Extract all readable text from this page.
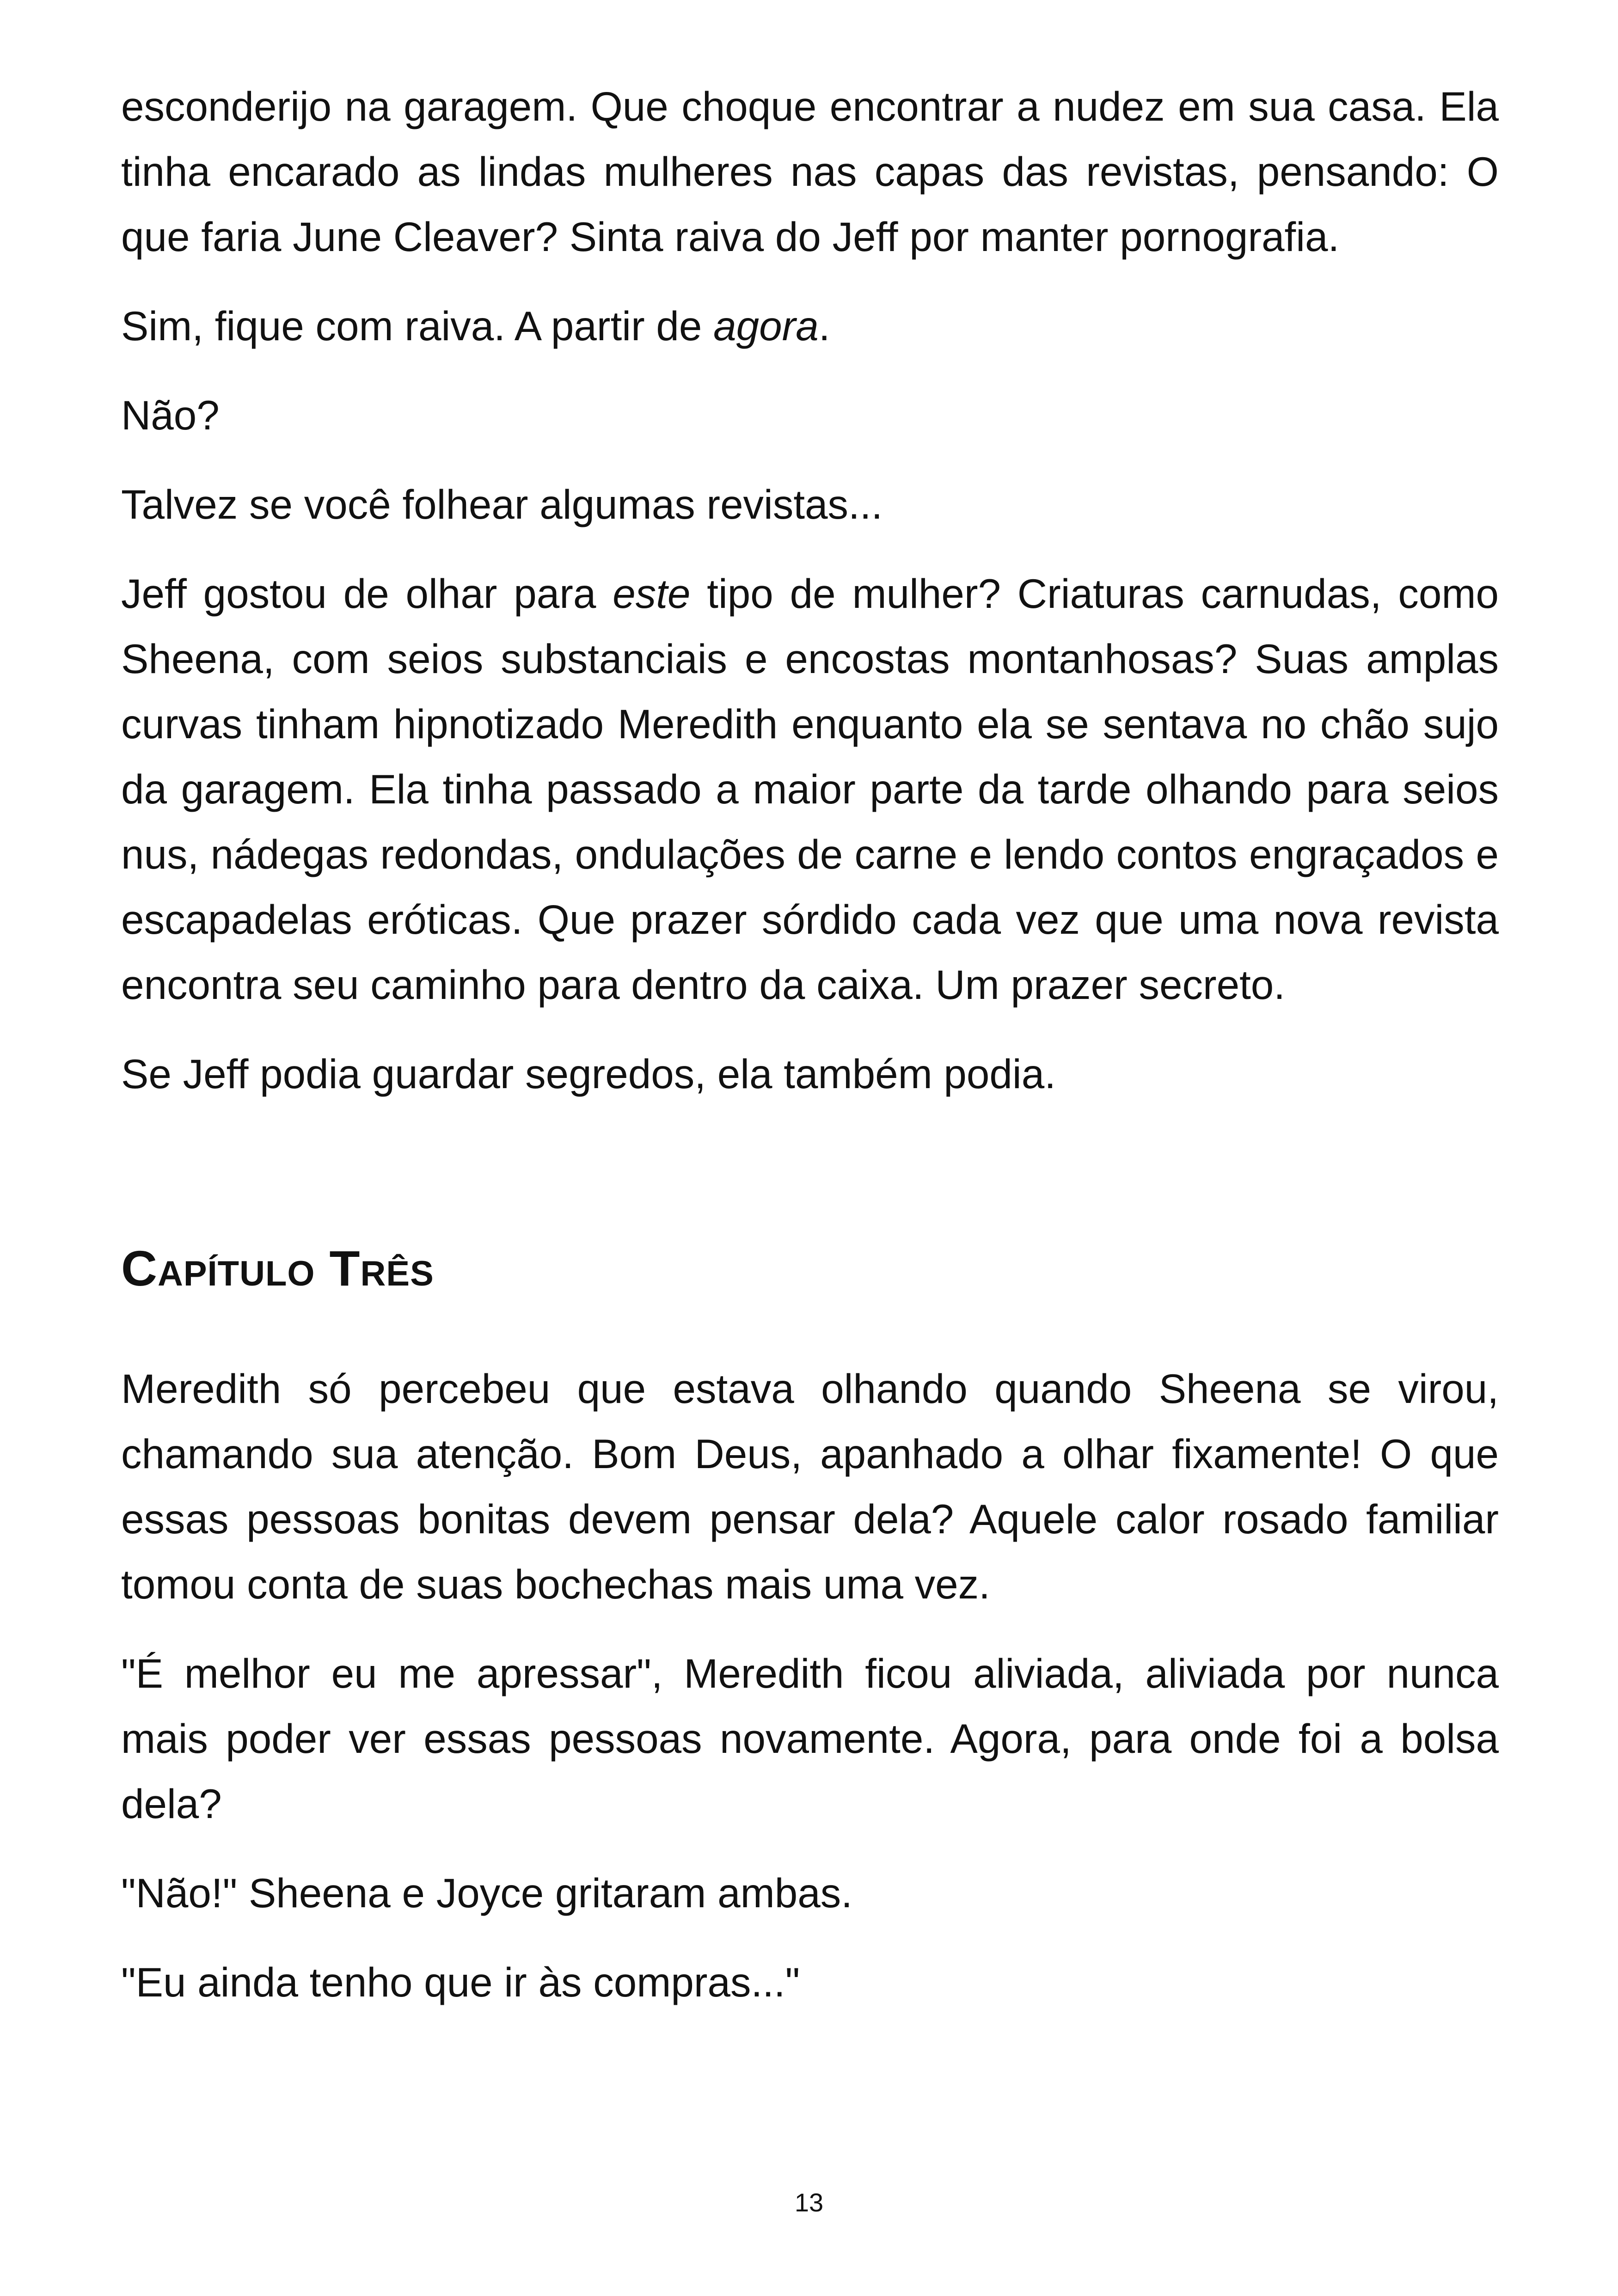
esconderijo na garagem. Que choque encontrar a nudez em sua casa. Ela tinha encarado as lindas mulheres nas capas das revistas, pensando: O que faria June Cleaver? Sinta raiva do Jeff por manter pornografia.

Sim, fique com raiva. A partir de agora.

Não?

Talvez se você folhear algumas revistas...

Jeff gostou de olhar para este tipo de mulher? Criaturas carnudas, como Sheena, com seios substanciais e encostas montanhosas? Suas amplas curvas tinham hipnotizado Meredith enquanto ela se sentava no chão sujo da garagem. Ela tinha passado a maior parte da tarde olhando para seios nus, nádegas redondas, ondulações de carne e lendo contos engraçados e escapadelas eróticas. Que prazer sórdido cada vez que uma nova revista encontra seu caminho para dentro da caixa. Um prazer secreto.

Se Jeff podia guardar segredos, ela também podia.

Capítulo Três

Meredith só percebeu que estava olhando quando Sheena se virou, chamando sua atenção. Bom Deus, apanhado a olhar fixamente! O que essas pessoas bonitas devem pensar dela? Aquele calor rosado familiar tomou conta de suas bochechas mais uma vez.

"É melhor eu me apressar", Meredith ficou aliviada, aliviada por nunca mais poder ver essas pessoas novamente. Agora, para onde foi a bolsa dela?

"Não!" Sheena e Joyce gritaram ambas.

"Eu ainda tenho que ir às compras..."

13
